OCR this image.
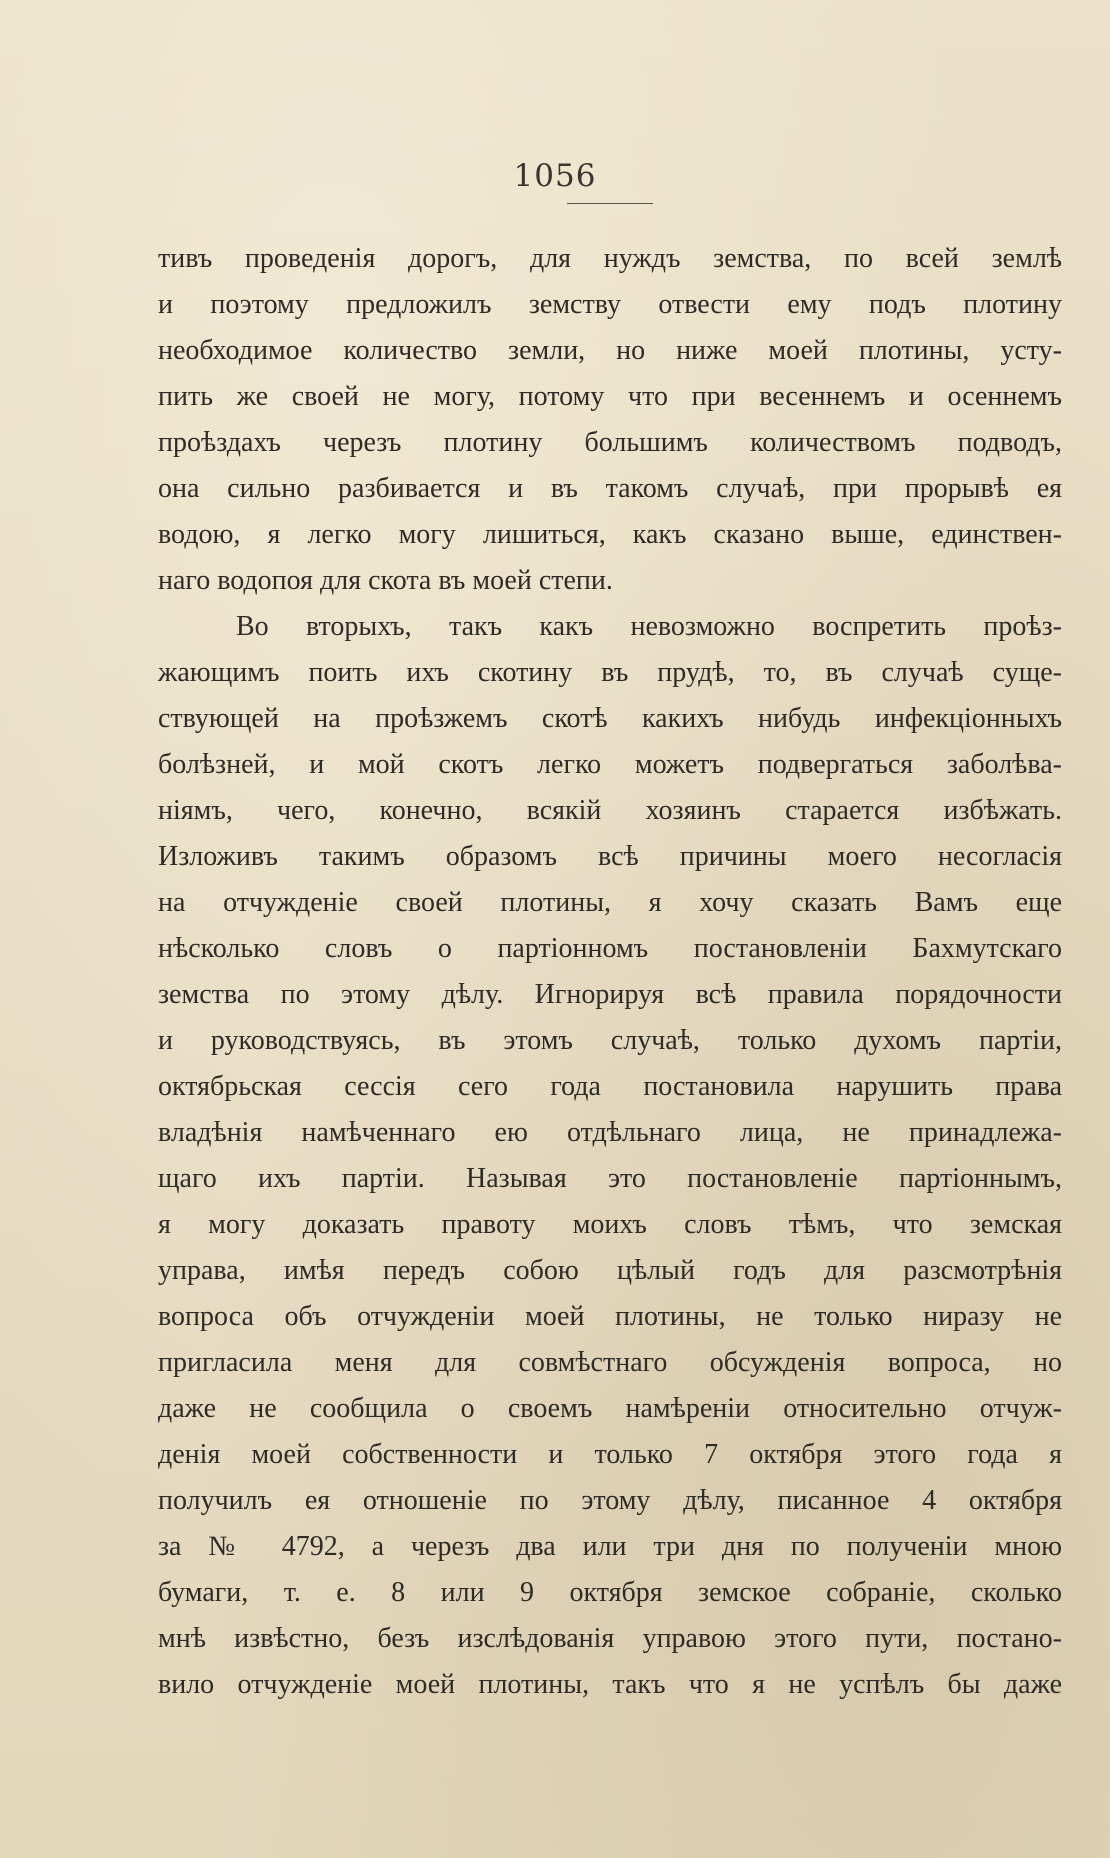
1056
тивъ проведенія дорогъ, для нуждъ земства, по всей землѣ
и поэтому предложилъ земству отвести ему подъ плотину
необходимое количество земли, но ниже моей плотины, усту-
пить же своей не могу, потому что при весеннемъ и осеннемъ
проѣздахъ черезъ плотину большимъ количествомъ подводъ,
она сильно разбивается и въ такомъ случаѣ, при прорывѣ ея
водою, я легко могу лишиться, какъ сказано выше, единствен-
наго водопоя для скота въ моей степи.
Во вторыхъ, такъ какъ невозможно воспретить проѣз-
жающимъ поить ихъ скотину въ прудѣ, то, въ случаѣ суще-
ствующей на проѣзжемъ скотѣ какихъ нибудь инфекціонныхъ
болѣзней, и мой скотъ легко можетъ подвергаться заболѣва-
ніямъ, чего, конечно, всякій хозяинъ старается избѣжать.
Изложивъ такимъ образомъ всѣ причины моего несогласія
на отчужденіе своей плотины, я хочу сказать Вамъ еще
нѣсколько словъ о партіонномъ постановленіи Бахмутскаго
земства по этому дѣлу. Игнорируя всѣ правила порядочности
и руководствуясь, въ этомъ случаѣ, только духомъ партіи,
октябрьская сессія сего года постановила нарушить права
владѣнія намѣченнаго ею отдѣльнаго лица, не принадлежа-
щаго ихъ партіи. Называя это постановленіе партіоннымъ,
я могу доказать правоту моихъ словъ тѣмъ, что земская
управа, имѣя передъ собою цѣлый годъ для разсмотрѣнія
вопроса объ отчужденіи моей плотины, не только ниразу не
пригласила меня для совмѣстнаго обсужденія вопроса, но
даже не сообщила о своемъ намѣреніи относительно отчуж-
денія моей собственности и только 7 октября этого года я
получилъ ея отношеніе по этому дѣлу, писанное 4 октября
за № 4792, а черезъ два или три дня по полученіи мною
бумаги, т. е. 8 или 9 октября земское собраніе, сколько
мнѣ извѣстно, безъ изслѣдованія управою этого пути, постано-
вило отчужденіе моей плотины, такъ что я не успѣлъ бы даже
